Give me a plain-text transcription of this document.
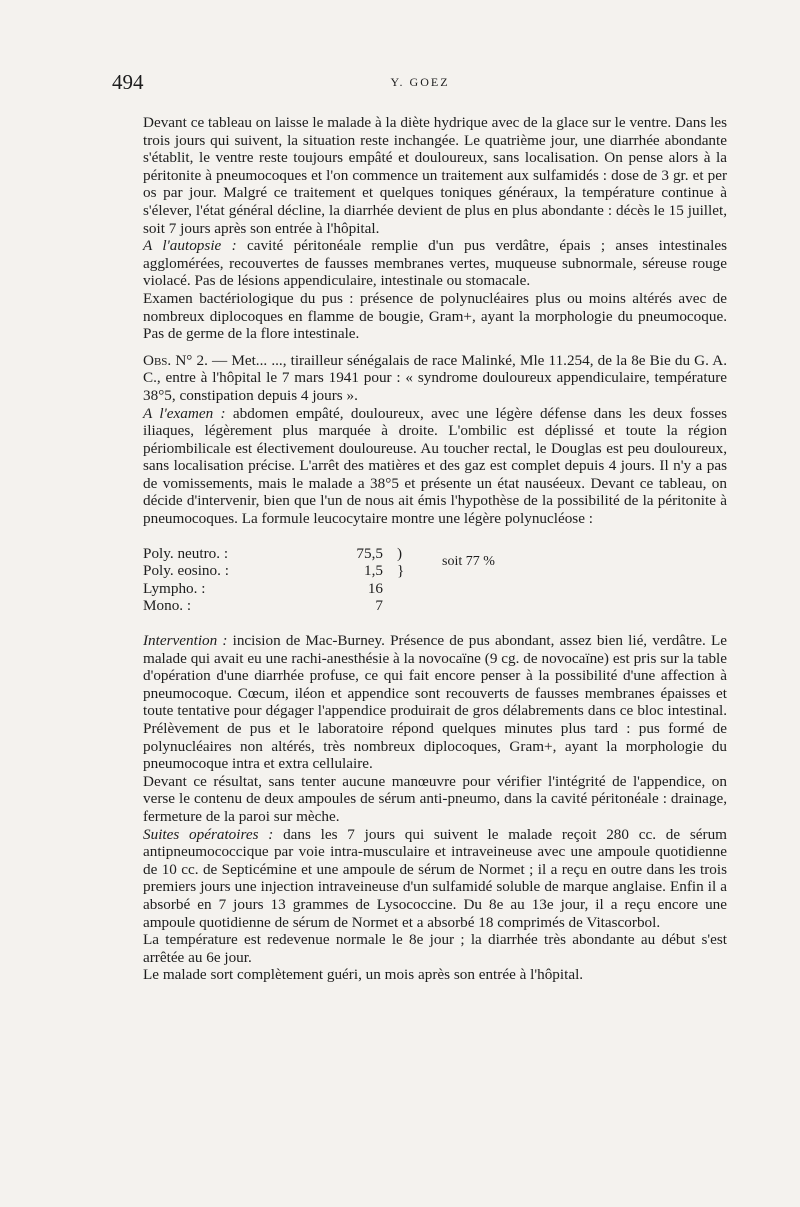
494	Y. GOEZ

Devant ce tableau on laisse le malade à la diète hydrique avec de la glace sur le ventre. Dans les trois jours qui suivent, la situation reste inchangée. Le quatrième jour, une diarrhée abondante s'établit, le ventre reste toujours empâté et douloureux, sans localisation. On pense alors à la péritonite à pneumocoques et l'on commence un traitement aux sulfamidés : dose de 3 gr. et per os par jour. Malgré ce traitement et quelques toniques généraux, la température continue à s'élever, l'état général décline, la diarrhée devient de plus en plus abondante : décès le 15 juillet, soit 7 jours après son entrée à l'hôpital.

A l'autopsie : cavité péritonéale remplie d'un pus verdâtre, épais ; anses intestinales agglomérées, recouvertes de fausses membranes vertes, muqueuse subnormale, séreuse rouge violacé. Pas de lésions appendiculaire, intestinale ou stomacale.

Examen bactériologique du pus : présence de polynucléaires plus ou moins altérés avec de nombreux diplocoques en flamme de bougie, Gram+, ayant la morphologie du pneumocoque. Pas de germe de la flore intestinale.

Obs. N° 2. — Met... ..., tirailleur sénégalais de race Malinké, Mle 11.254, de la 8e Bie du G. A. C., entre à l'hôpital le 7 mars 1941 pour : « syndrome douloureux appendiculaire, température 38°5, constipation depuis 4 jours ».

A l'examen : abdomen empâté, douloureux, avec une légère défense dans les deux fosses iliaques, légèrement plus marquée à droite. L'ombilic est déplissé et toute la région périombilicale est électivement douloureuse. Au toucher rectal, le Douglas est peu douloureux, sans localisation précise. L'arrêt des matières et des gaz est complet depuis 4 jours. Il n'y a pas de vomissements, mais le malade a 38°5 et présente un état nauséeux. Devant ce tableau, on décide d'intervenir, bien que l'un de nous ait émis l'hypothèse de la possibilité de la péritonite à pneumocoques. La formule leucocytaire montre une légère polynucléose :

Poly. neutro. :	75,5	)	soit 77 %
Poly. eosino. :	1,5	}	
Lympho. :	16		
Mono. :	7		

Intervention : incision de Mac-Burney. Présence de pus abondant, assez bien lié, verdâtre. Le malade qui avait eu une rachi-anesthésie à la novocaïne (9 cg. de novocaïne) est pris sur la table d'opération d'une diarrhée profuse, ce qui fait encore penser à la possibilité d'une affection à pneumocoque. Cœcum, iléon et appendice sont recouverts de fausses membranes épaisses et toute tentative pour dégager l'appendice produirait de gros délabrements dans ce bloc intestinal. Prélèvement de pus et le laboratoire répond quelques minutes plus tard : pus formé de polynucléaires non altérés, très nombreux diplocoques, Gram+, ayant la morphologie du pneumocoque intra et extra cellulaire.

Devant ce résultat, sans tenter aucune manœuvre pour vérifier l'intégrité de l'appendice, on verse le contenu de deux ampoules de sérum anti-pneumo, dans la cavité péritonéale : drainage, fermeture de la paroi sur mèche.

Suites opératoires : dans les 7 jours qui suivent le malade reçoit 280 cc. de sérum antipneumococcique par voie intra-musculaire et intraveineuse avec une ampoule quotidienne de 10 cc. de Septicémine et une ampoule de sérum de Normet ; il a reçu en outre dans les trois premiers jours une injection intraveineuse d'un sulfamidé soluble de marque anglaise. Enfin il a absorbé en 7 jours 13 grammes de Lysococcine. Du 8e au 13e jour, il a reçu encore une ampoule quotidienne de sérum de Normet et a absorbé 18 comprimés de Vitascorbol.

La température est redevenue normale le 8e jour ; la diarrhée très abondante au début s'est arrêtée au 6e jour.

Le malade sort complètement guéri, un mois après son entrée à l'hôpital.
